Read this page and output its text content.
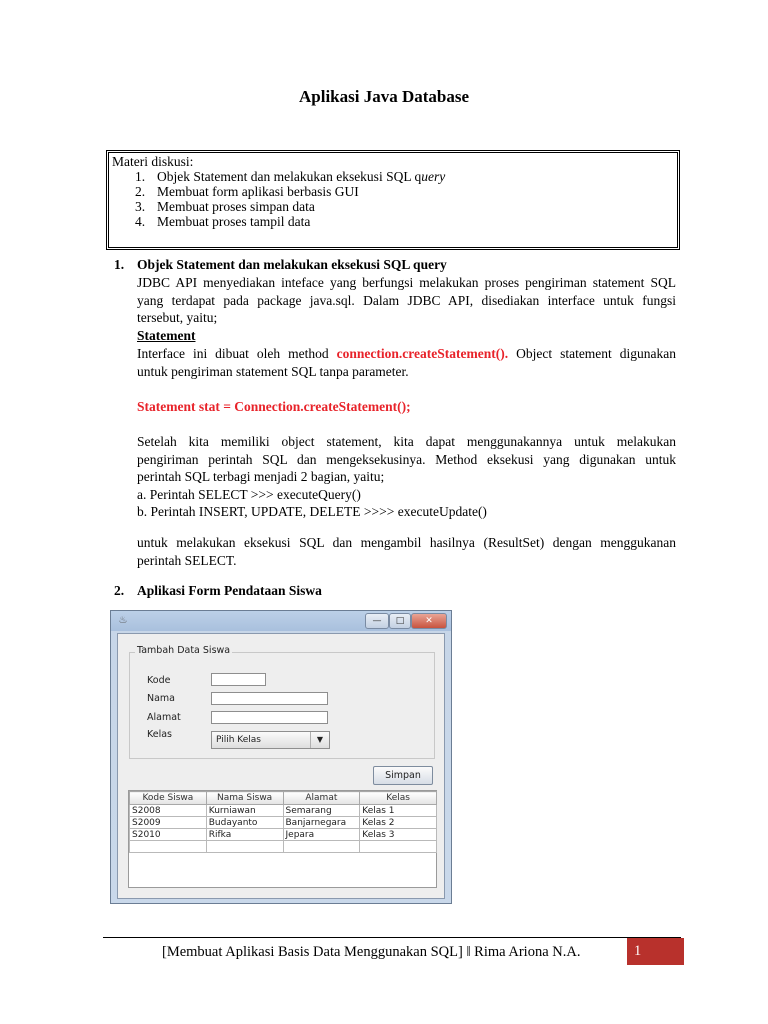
Aplikasi Java Database
Materi diskusi:
1. Objek Statement dan melakukan eksekusi SQL query
2. Membuat form aplikasi berbasis GUI
3. Membuat proses simpan data
4. Membuat proses tampil data
1. Objek Statement dan melakukan eksekusi SQL query
JDBC API menyediakan inteface yang berfungsi melakukan proses pengiriman statement SQL
yang terdapat pada package java.sql. Dalam JDBC API, disediakan interface untuk fungsi
tersebut, yaitu;
Statement
Interface ini dibuat oleh method connection.createStatement(). Object statement digunakan
untuk pengiriman statement SQL tanpa parameter.
Statement stat = Connection.createStatement();
Setelah kita memiliki object statement, kita dapat menggunakannya untuk melakukan
pengiriman perintah SQL dan mengeksekusinya. Method eksekusi yang digunakan untuk
perintah SQL terbagi menjadi 2 bagian, yaitu;
a. Perintah SELECT >>> executeQuery()
b. Perintah INSERT, UPDATE, DELETE >>>> executeUpdate()
untuk melakukan eksekusi SQL dan mengambil hasilnya (ResultSet) dengan menggukanan
perintah SELECT.
2. Aplikasi Form Pendataan Siswa
♨	—	□	✕
Tambah Data Siswa
Kode
Nama
Alamat
Kelas	Pilih Kelas	▼
Simpan
Kode Siswa	Nama Siswa	Alamat	Kelas
S2008	Kurniawan	Semarang	Kelas 1
S2009	Budayanto	Banjarnegara	Kelas 2
S2010	Rifka	Jepara	Kelas 3

[Membuat Aplikasi Basis Data Menggunakan SQL] ǁ Rima Ariona N.A.	1
